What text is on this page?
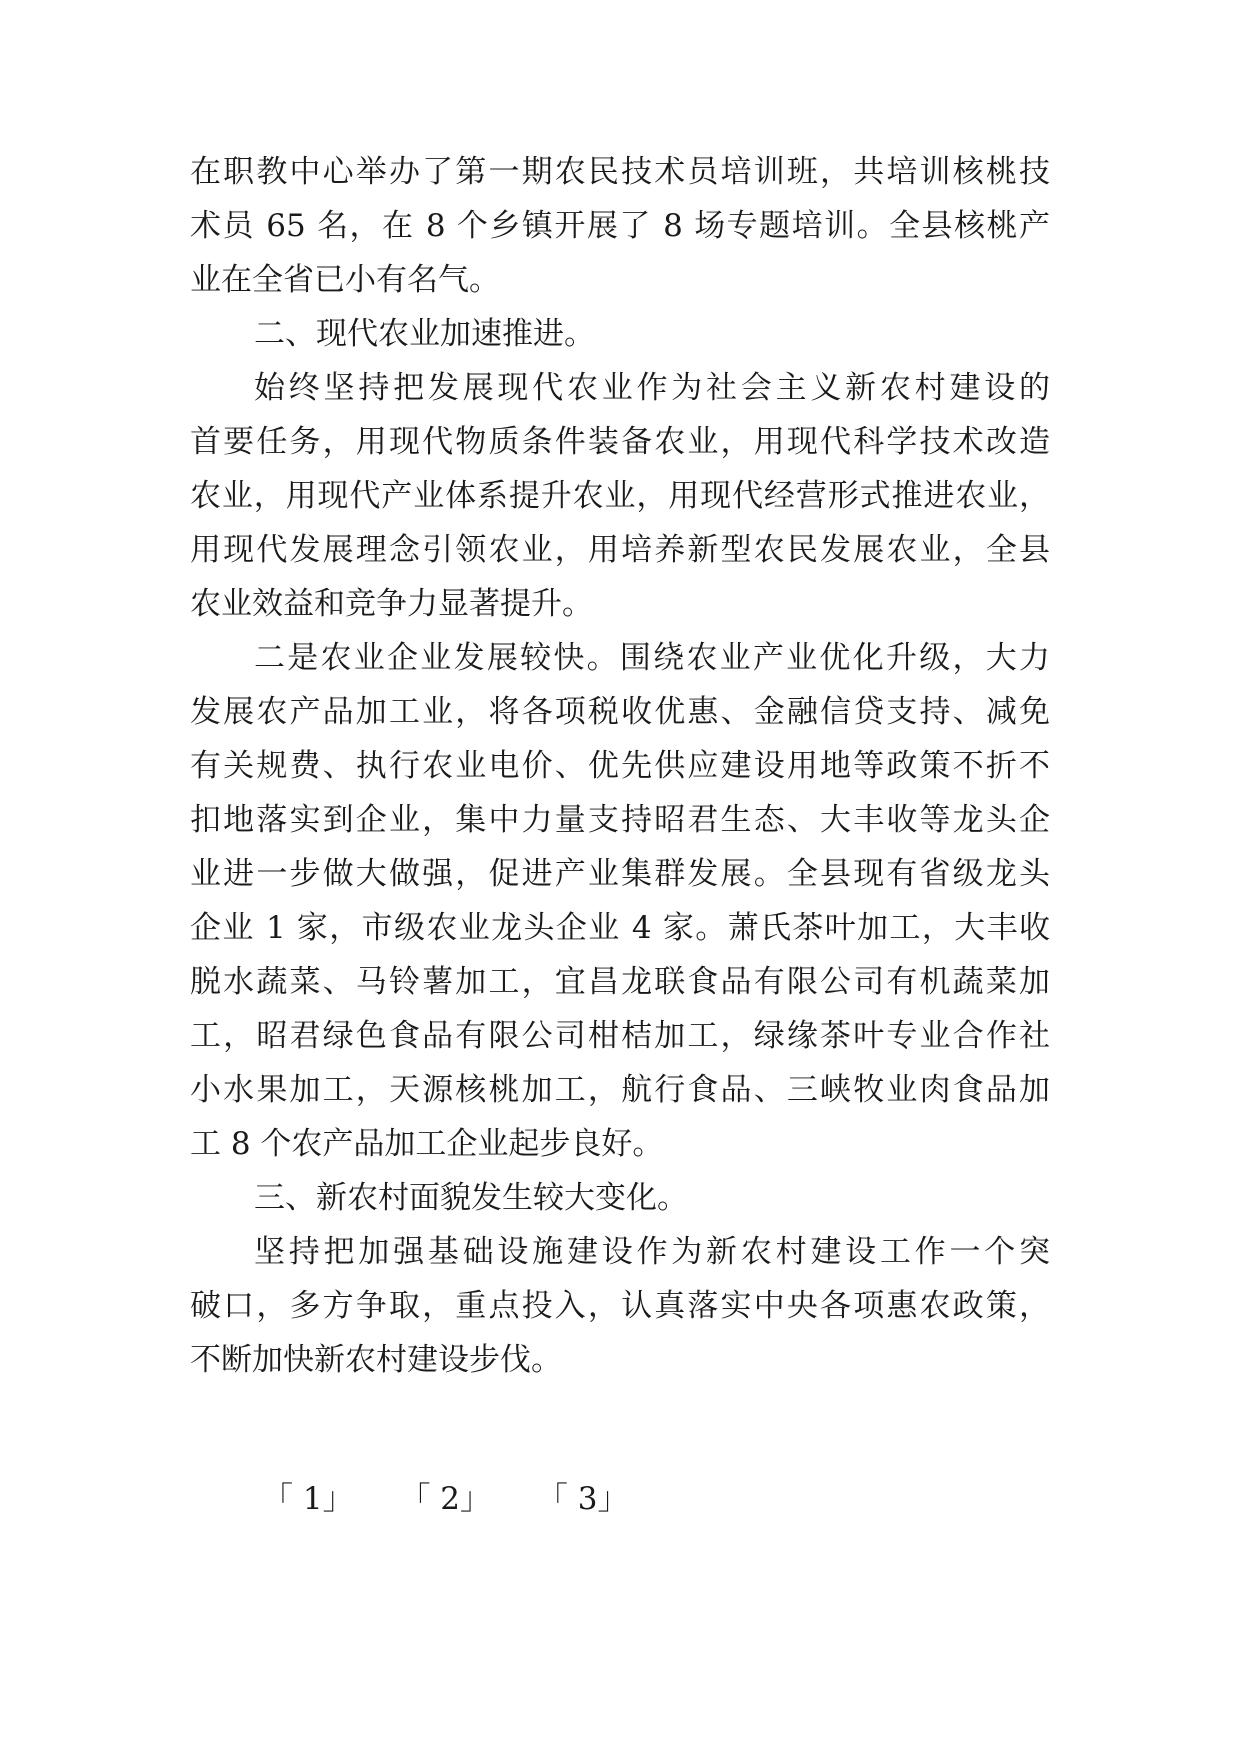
在职教中心举办了第一期农民技术员培训班，共培训核桃技
术员 65 名，在 8 个乡镇开展了 8 场专题培训。全县核桃产
业在全省已小有名气。
二、现代农业加速推进。
始终坚持把发展现代农业作为社会主义新农村建设的
首要任务，用现代物质条件装备农业，用现代科学技术改造
农业，用现代产业体系提升农业，用现代经营形式推进农业，
用现代发展理念引领农业，用培养新型农民发展农业，全县
农业效益和竞争力显著提升。
二是农业企业发展较快。围绕农业产业优化升级，大力
发展农产品加工业，将各项税收优惠、金融信贷支持、减免
有关规费、执行农业电价、优先供应建设用地等政策不折不
扣地落实到企业，集中力量支持昭君生态、大丰收等龙头企
业进一步做大做强，促进产业集群发展。全县现有省级龙头
企业 1 家，市级农业龙头企业 4 家。萧氏茶叶加工，大丰收
脱水蔬菜、马铃薯加工，宜昌龙联食品有限公司有机蔬菜加
工，昭君绿色食品有限公司柑桔加工，绿缘茶叶专业合作社
小水果加工，天源核桃加工，航行食品、三峡牧业肉食品加
工 8 个农产品加工企业起步良好。
三、新农村面貌发生较大变化。
坚持把加强基础设施建设作为新农村建设工作一个突
破口，多方争取，重点投入，认真落实中央各项惠农政策，
不断加快新农村建设步伐。
「 1」 「 2」 「 3」
